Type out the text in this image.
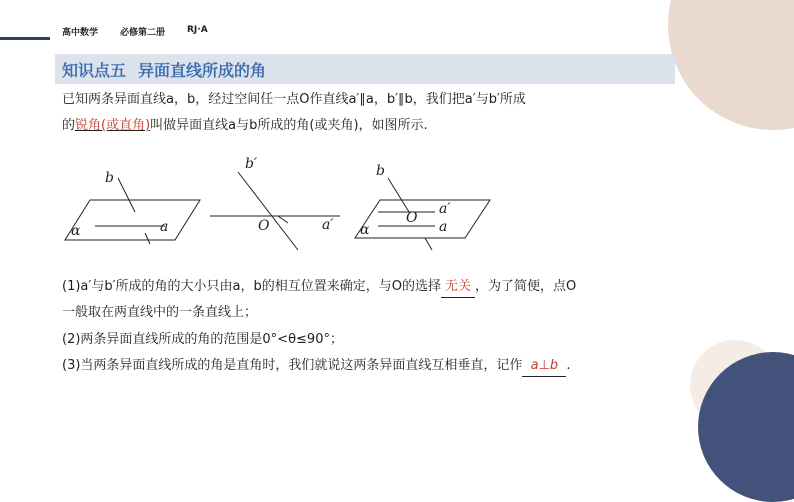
高中数学 必修第二册 RJ·A
知识点五 异面直线所成的角
已知两条异面直线a，b，经过空间任一点O作直线a′∥a，b′∥b，我们把a′与b′所成
的锐角(或直角)叫做异面直线a与b所成的角(或夹角)，如图所示.
b
α	a
b′
O	a′
b
a′
O
a
α
(1)a′与b′所成的角的大小只由a，b的相互位置来确定，与O的选择 无关 ，为了简便，点O
一般取在两直线中的一条直线上；
(2)两条异面直线所成的角的范围是0°<θ≤90°；
(3)当两条异面直线所成的角是直角时，我们就说这两条异面直线互相垂直，记作 a⊥b .
